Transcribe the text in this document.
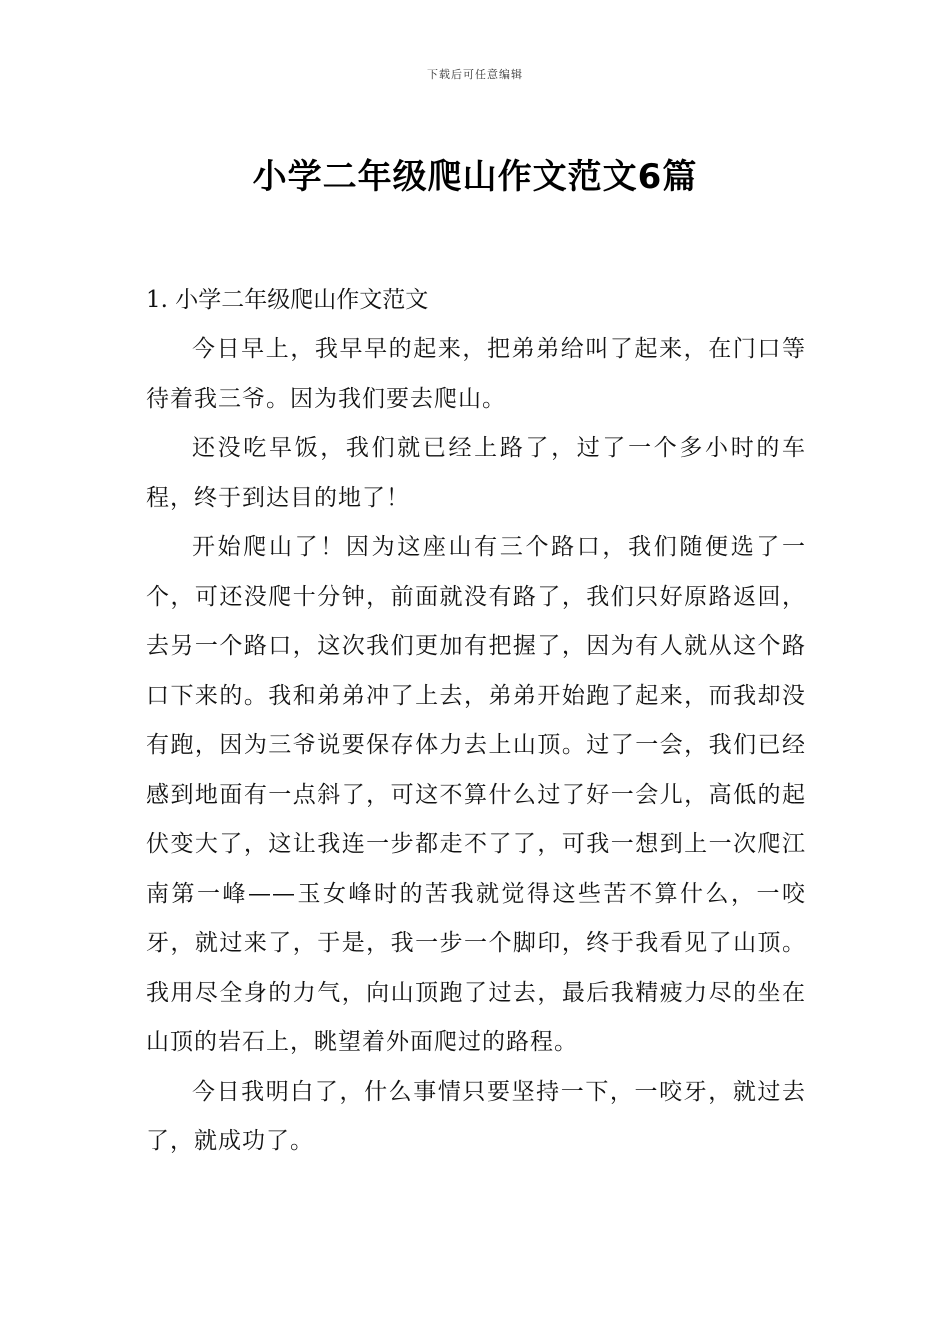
下载后可任意编辑
小学二年级爬山作文范文6篇

1. 小学二年级爬山作文范文

今日早上，我早早的起来，把弟弟给叫了起来，在门口等待着我三爷。因为我们要去爬山。

还没吃早饭，我们就已经上路了，过了一个多小时的车程，终于到达目的地了！

开始爬山了！因为这座山有三个路口，我们随便选了一个，可还没爬十分钟，前面就没有路了，我们只好原路返回，去另一个路口，这次我们更加有把握了，因为有人就从这个路口下来的。我和弟弟冲了上去，弟弟开始跑了起来，而我却没有跑，因为三爷说要保存体力去上山顶。过了一会，我们已经感到地面有一点斜了，可这不算什么过了好一会儿，高低的起伏变大了，这让我连一步都走不了了，可我一想到上一次爬江南第一峰——玉女峰时的苦我就觉得这些苦不算什么，一咬牙，就过来了，于是，我一步一个脚印，终于我看见了山顶。我用尽全身的力气，向山顶跑了过去，最后我精疲力尽的坐在山顶的岩石上，眺望着外面爬过的路程。

今日我明白了，什么事情只要坚持一下，一咬牙，就过去了，就成功了。
